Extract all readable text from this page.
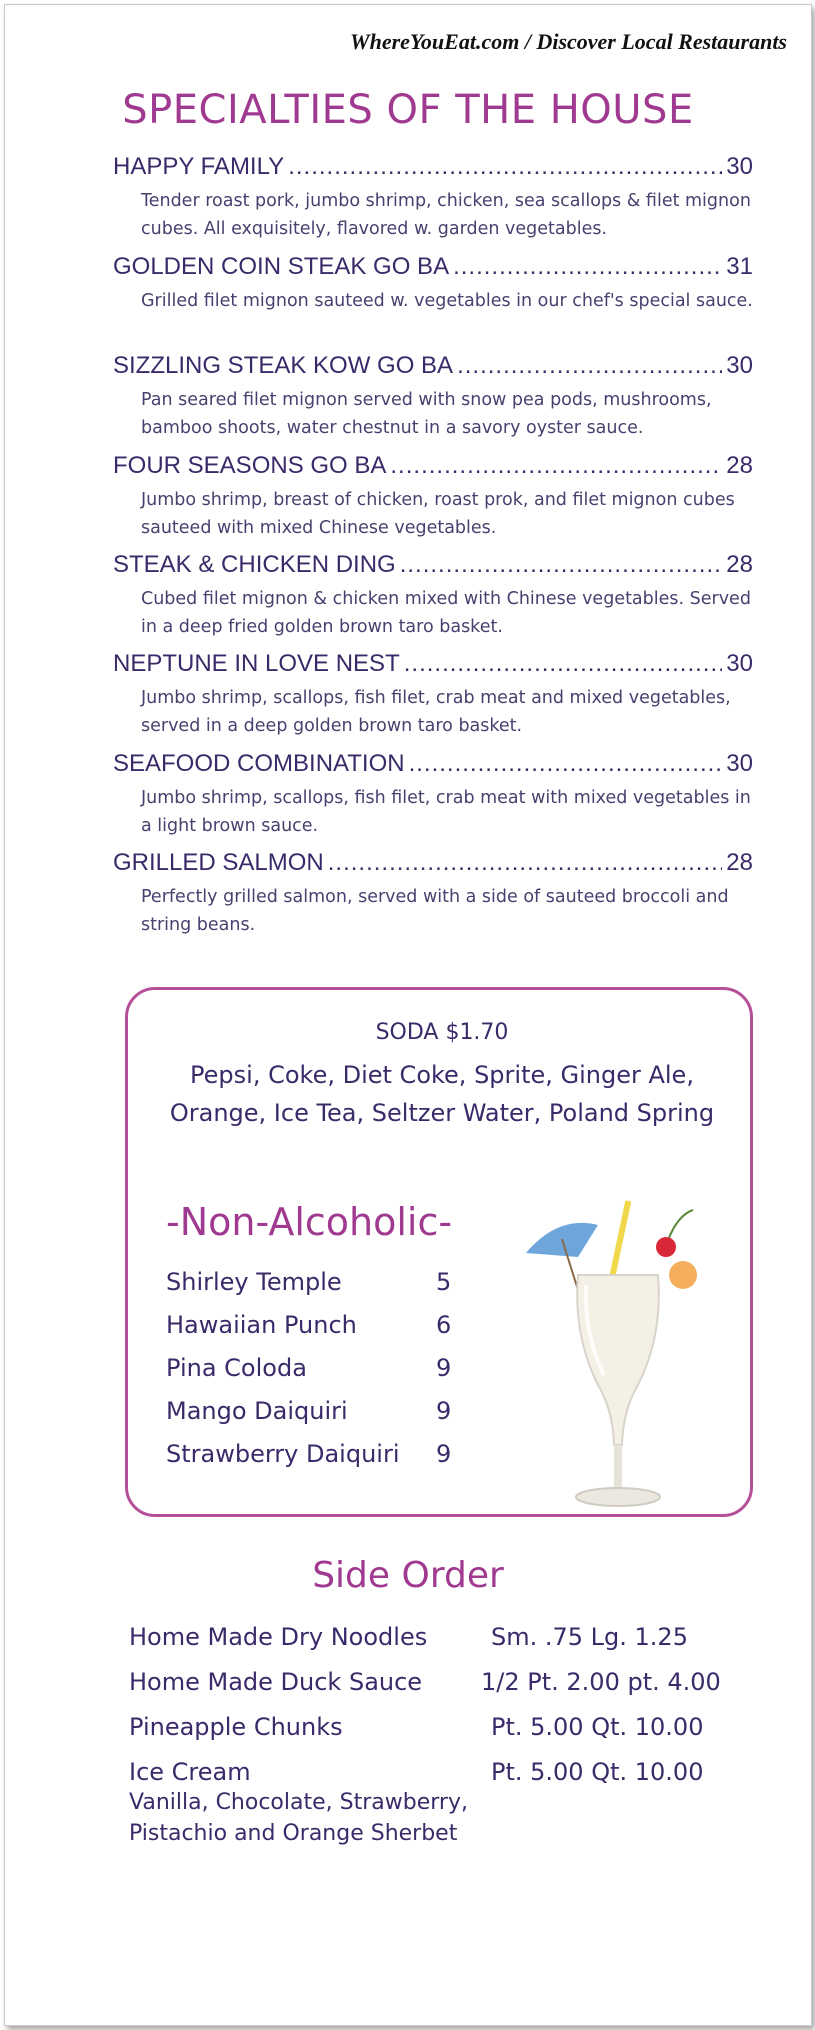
WhereYouEat.com / Discover Local Restaurants
SPECIALTIES OF THE HOUSE
HAPPY FAMILY .....	30
Tender roast pork, jumbo shrimp, chicken, sea scallops & filet mignon cubes. All exquisitely, flavored w. garden vegetables.
GOLDEN COIN STEAK GO BA .....	31
Grilled filet mignon sauteed w. vegetables in our chef's special sauce.
SIZZLING STEAK KOW GO BA .....	30
Pan seared filet mignon served with snow pea pods, mushrooms, bamboo shoots, water chestnut in a savory oyster sauce.
FOUR SEASONS GO BA .....	28
Jumbo shrimp, breast of chicken, roast prok, and filet mignon cubes sauteed with mixed Chinese vegetables.
STEAK & CHICKEN DING .....	28
Cubed filet mignon & chicken mixed with Chinese vegetables. Served in a deep fried golden brown taro basket.
NEPTUNE IN LOVE NEST .....	30
Jumbo shrimp, scallops, fish filet, crab meat and mixed vegetables, served in a deep golden brown taro basket.
SEAFOOD COMBINATION .....	30
Jumbo shrimp, scallops, fish filet, crab meat with mixed vegetables in a light brown sauce.
GRILLED SALMON .....	28
Perfectly grilled salmon, served with a side of sauteed broccoli and string beans.
SODA $1.70
Pepsi, Coke, Diet Coke, Sprite, Ginger Ale, Orange, Ice Tea, Seltzer Water, Poland Spring
-Non-Alcoholic-
Shirley Temple	5
Hawaiian Punch	6
Pina Coloda	9
Mango Daiquiri	9
Strawberry Daiquiri 9
Side Order
Home Made Dry Noodles	Sm. .75 Lg. 1.25
Home Made Duck Sauce 1/2 Pt. 2.00 pt. 4.00
Pineapple Chunks	Pt. 5.00 Qt. 10.00
Ice Cream	Pt. 5.00 Qt. 10.00
Vanilla, Chocolate, Strawberry,
Pistachio and Orange Sherbet
